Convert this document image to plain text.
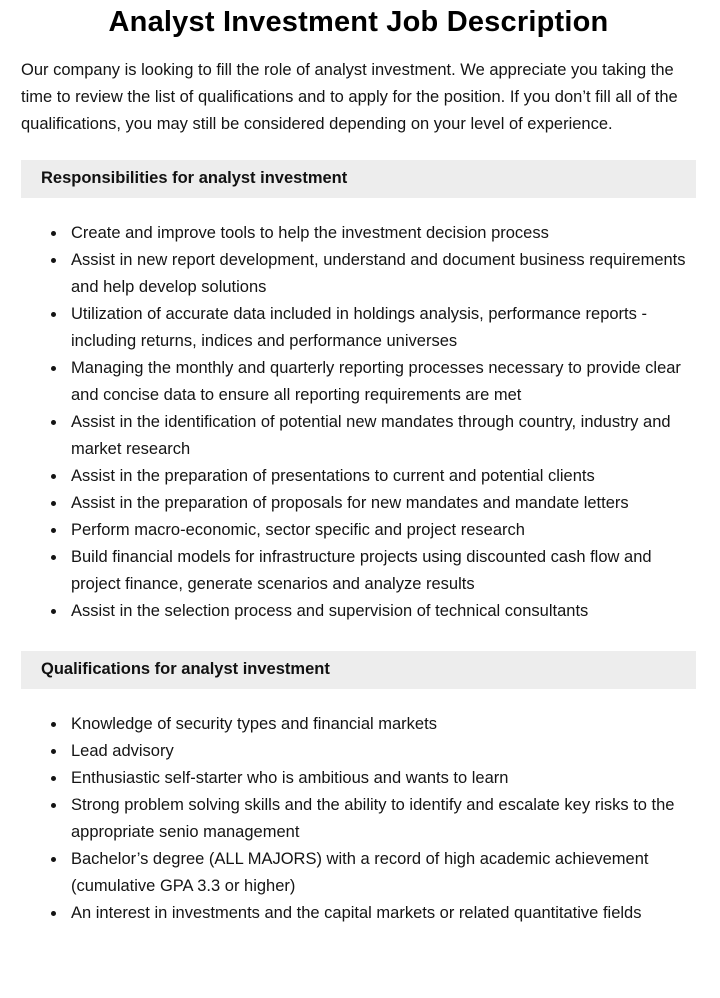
Analyst Investment Job Description

Our company is looking to fill the role of analyst investment. We appreciate you taking the time to review the list of qualifications and to apply for the position. If you don’t fill all of the qualifications, you may still be considered depending on your level of experience.

Responsibilities for analyst investment
• Create and improve tools to help the investment decision process
• Assist in new report development, understand and document business requirements and help develop solutions
• Utilization of accurate data included in holdings analysis, performance reports - including returns, indices and performance universes
• Managing the monthly and quarterly reporting processes necessary to provide clear and concise data to ensure all reporting requirements are met
• Assist in the identification of potential new mandates through country, industry and market research
• Assist in the preparation of presentations to current and potential clients
• Assist in the preparation of proposals for new mandates and mandate letters
• Perform macro-economic, sector specific and project research
• Build financial models for infrastructure projects using discounted cash flow and project finance, generate scenarios and analyze results
• Assist in the selection process and supervision of technical consultants
Qualifications for analyst investment
• Knowledge of security types and financial markets
• Lead advisory
• Enthusiastic self-starter who is ambitious and wants to learn
• Strong problem solving skills and the ability to identify and escalate key risks to the appropriate senio management
• Bachelor’s degree (ALL MAJORS) with a record of high academic achievement (cumulative GPA 3.3 or higher)
• An interest in investments and the capital markets or related quantitative fields
